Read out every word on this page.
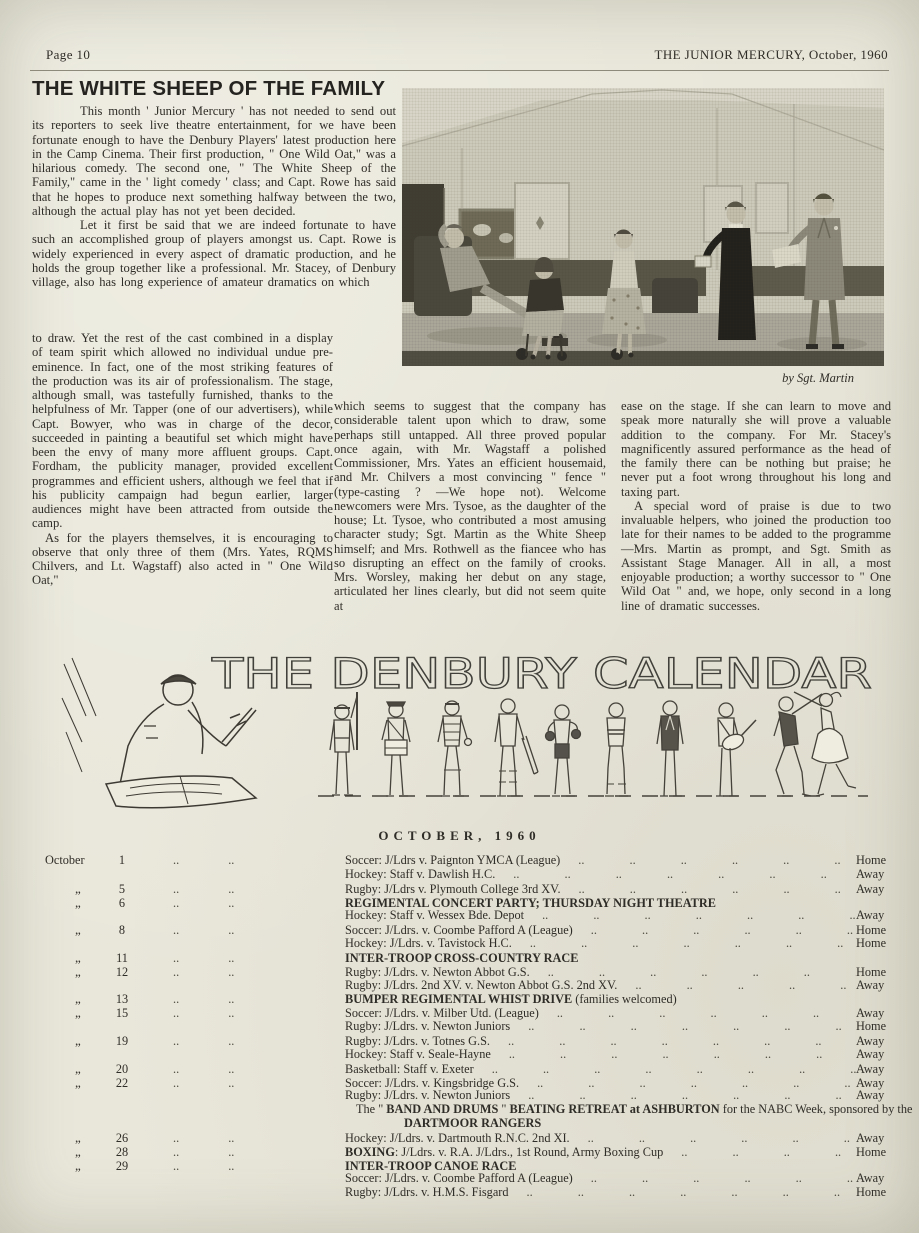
Page 10	THE JUNIOR MERCURY, October, 1960
THE WHITE SHEEP OF THE FAMILY

This month ' Junior Mercury ' has not needed to send out its reporters to seek live theatre entertainment, for we have been fortunate enough to have the Denbury Players' latest production here in the Camp Cinema. Their first production, " One Wild Oat," was a hilarious comedy. The second one, " The White Sheep of the Family," came in the ' light comedy ' class; and Capt. Rowe has said that he hopes to produce next something halfway between the two, although the actual play has not yet been decided.

Let it first be said that we are indeed fortunate to have such an accomplished group of players amongst us. Capt. Rowe is widely experienced in every aspect of dramatic production, and he holds the group together like a professional. Mr. Stacey, of Denbury village, also has long experience of amateur dramatics on which

to draw. Yet the rest of the cast combined in a display of team spirit which allowed no individual undue pre-eminence. In fact, one of the most striking features of the production was its air of professionalism. The stage, although small, was tastefully furnished, thanks to the helpfulness of Mr. Tapper (one of our advertisers), while Capt. Bowyer, who was in charge of the decor, succeeded in painting a beautiful set which might have been the envy of many more affluent groups. Capt. Fordham, the publicity manager, provided excellent programmes and efficient ushers, although we feel that if his publicity campaign had begun earlier, larger audiences might have been attracted from outside the camp.

As for the players themselves, it is encouraging to observe that only three of them (Mrs. Yates, RQMS Chilvers, and Lt. Wagstaff) also acted in " One Wild Oat,"

by Sgt. Martin

which seems to suggest that the company has considerable talent upon which to draw, some perhaps still untapped. All three proved popular once again, with Mr. Wagstaff a polished Commissioner, Mrs. Yates an efficient housemaid, and Mr. Chilvers a most convincing " fence " (type-casting ? —We hope not). Welcome newcomers were Mrs. Tysoe, as the daughter of the house; Lt. Tysoe, who contributed a most amusing character study; Sgt. Martin as the White Sheep himself; and Mrs. Rothwell as the fiancee who has so disrupting an effect on the family of crooks. Mrs. Worsley, making her debut on any stage, articulated her lines clearly, but did not seem quite at

ease on the stage. If she can learn to move and speak more naturally she will prove a valuable addition to the company. For Mr. Stacey's magnificently assured performance as the head of the family there can be nothing but praise; he never put a foot wrong throughout his long and taxing part.

A special word of praise is due to two invaluable helpers, who joined the production too late for their names to be added to the programme—Mrs. Martin as prompt, and Sgt. Smith as Assistant Stage Manager. All in all, a most enjoyable production; a worthy successor to " One Wild Oat " and, we hope, only second in a long line of dramatic successes.

THE DENBURY CALENDAR
OCTOBER, 1960
October	1 .. ..	Soccer: J/Ldrs v. Paignton YMCA (League) .. ..	Home
Hockey: Staff v. Dawlish H.C. .. ..	Away
„	5 .. ..	Rugby: J/Ldrs v. Plymouth College 3rd XV. .. ..	Away
„	6 .. ..	REGIMENTAL CONCERT PARTY; THURSDAY NIGHT THEATRE
Hockey: Staff v. Wessex Bde. Depot .. ..	Away
„	8 .. ..	Soccer: J/Ldrs. v. Coombe Pafford A (League) .. ..	Home
Hockey: J/Ldrs. v. Tavistock H.C. .. ..	Home
„	11 .. ..	INTER-TROOP CROSS-COUNTRY RACE
„	12 .. ..	Rugby: J/Ldrs. v. Newton Abbot G.S. .. ..	Home
Rugby: J/Ldrs. 2nd XV. v. Newton Abbot G.S. 2nd XV. .. ..	Away
„	13 .. ..	BUMPER REGIMENTAL WHIST DRIVE (families welcomed)
„	15 .. ..	Soccer: J/Ldrs. v. Milber Utd. (League) .. ..	Away
Rugby: J/Ldrs. v. Newton Juniors .. ..	Home
„	19 .. ..	Rugby: J/Ldrs. v. Totnes G.S. .. ..	Away
Hockey: Staff v. Seale-Hayne .. ..	Away
„	20 .. ..	Basketball: Staff v. Exeter .. ..	Away
„	22 .. ..	Soccer: J/Ldrs. v. Kingsbridge G.S. .. ..	Away
Rugby: J/Ldrs. v. Newton Juniors .. ..	Away
The " BAND AND DRUMS " BEATING RETREAT at ASHBURTON for the NABC Week, sponsored by the
DARTMOOR RANGERS
„	26 .. ..	Hockey: J/Ldrs. v. Dartmouth R.N.C. 2nd XI. .. ..	Away
„	28 .. ..	BOXING: J/Ldrs. v. R.A. J/Ldrs., 1st Round, Army Boxing Cup .. ..	Home
„	29 .. ..	INTER-TROOP CANOE RACE
Soccer: J/Ldrs. v. Coombe Pafford A (League) .. ..	Away
Rugby: J/Ldrs. v. H.M.S. Fisgard .. ..	Home
